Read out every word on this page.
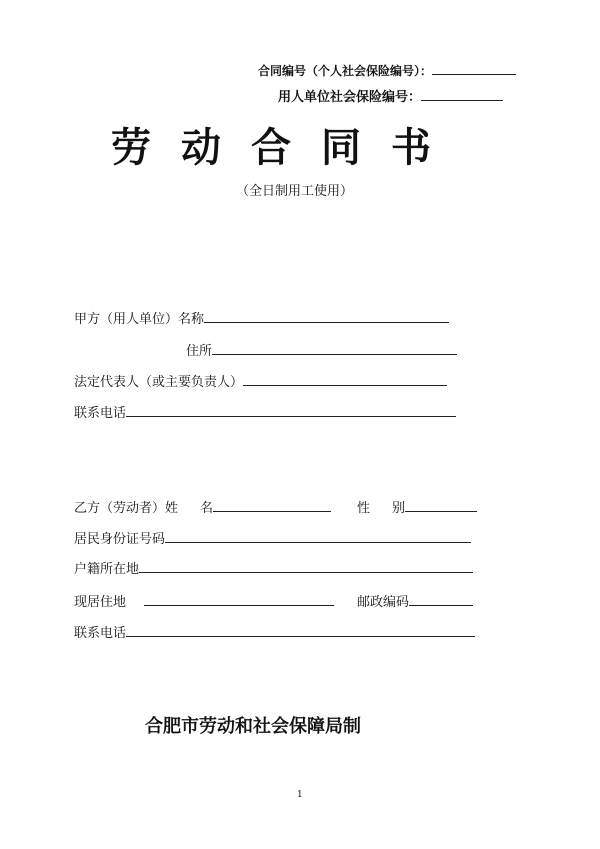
合同编号（个人社会保险编号）：
用人单位社会保险编号：
劳动合同书
（全日制用工使用）
甲方（用人单位）名称
住所
法定代表人（或主要负责人）
联系电话
乙方（劳动者）姓 名	性 别
居民身份证号码
户籍所在地
现居住地	邮政编码
联系电话
合肥市劳动和社会保障局制
1
